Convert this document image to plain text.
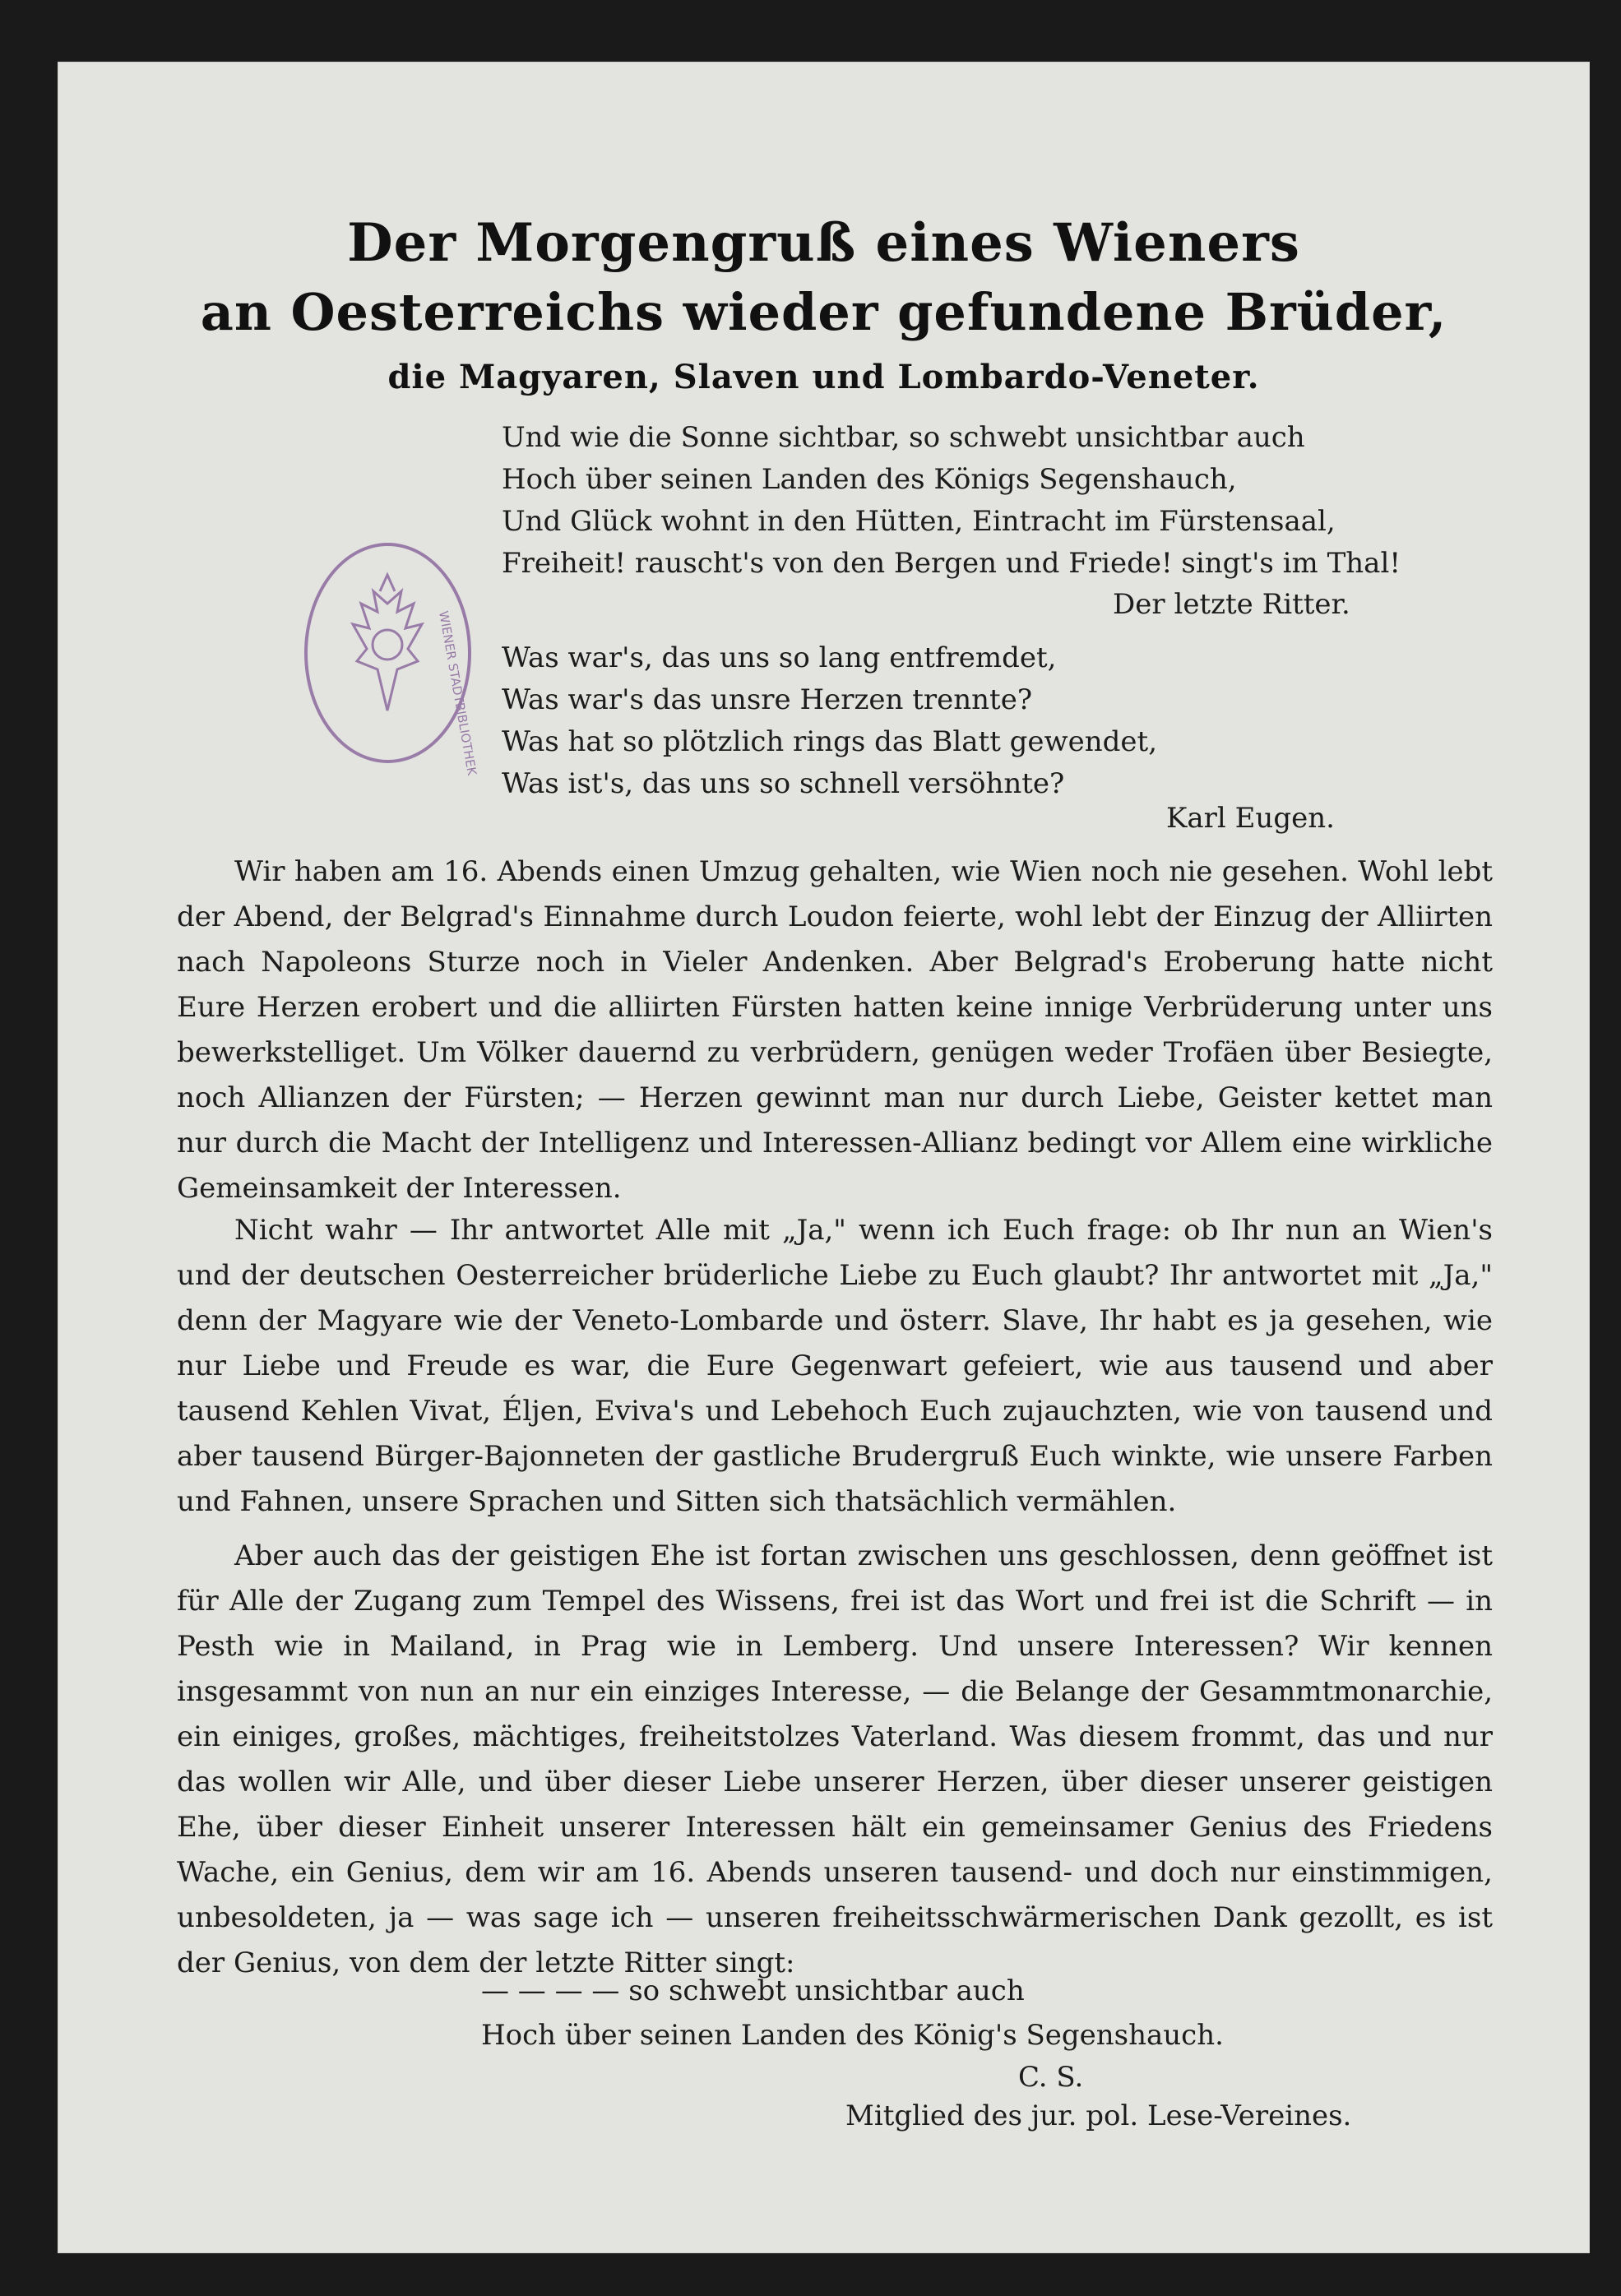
Der Morgengruß eines Wieners
an Oesterreichs wieder gefundene Brüder,
die Magyaren, Slaven und Lombardo-Veneter.
WIENER STADTBIBLIOTHEK
Und wie die Sonne sichtbar, so schwebt unsichtbar auch
Hoch über seinen Landen des Königs Segenshauch,
Und Glück wohnt in den Hütten, Eintracht im Fürstensaal,
Freiheit! rauscht's von den Bergen und Friede! singt's im Thal!
Der letzte Ritter.
Was war's, das uns so lang entfremdet,
Was war's das unsre Herzen trennte?
Was hat so plötzlich rings das Blatt gewendet,
Was ist's, das uns so schnell versöhnte?
Karl Eugen.

Wir haben am 16. Abends einen Umzug gehalten, wie Wien noch nie gesehen. Wohl lebt der Abend, der Belgrad's Einnahme durch Loudon feierte, wohl lebt der Einzug der Alliirten nach Napoleons Sturze noch in Vieler Andenken. Aber Belgrad's Eroberung hatte nicht Eure Herzen erobert und die alliirten Fürsten hatten keine innige Verbrüderung unter uns bewerkstelliget. Um Völker dauernd zu verbrüdern, genügen weder Trofäen über Besiegte, noch Allianzen der Fürsten; — Herzen gewinnt man nur durch Liebe, Geister kettet man nur durch die Macht der Intelligenz und Interessen-Allianz bedingt vor Allem eine wirkliche Gemeinsamkeit der Interessen.

Nicht wahr — Ihr antwortet Alle mit „Ja," wenn ich Euch frage: ob Ihr nun an Wien's und der deutschen Oesterreicher brüderliche Liebe zu Euch glaubt? Ihr antwortet mit „Ja," denn der Magyare wie der Veneto-Lombarde und österr. Slave, Ihr habt es ja gesehen, wie nur Liebe und Freude es war, die Eure Gegenwart gefeiert, wie aus tausend und aber tausend Kehlen Vivat, Éljen, Eviva's und Lebehoch Euch zujauchzten, wie von tausend und aber tausend Bürger-Bajonneten der gastliche Brudergruß Euch winkte, wie unsere Farben und Fahnen, unsere Sprachen und Sitten sich thatsächlich vermählen.

Aber auch das der geistigen Ehe ist fortan zwischen uns geschlossen, denn geöffnet ist für Alle der Zugang zum Tempel des Wissens, frei ist das Wort und frei ist die Schrift — in Pesth wie in Mailand, in Prag wie in Lemberg. Und unsere Interessen? Wir kennen insgesammt von nun an nur ein einziges Interesse, — die Belange der Gesammtmonarchie, ein einiges, großes, mächtiges, freiheitstolzes Vaterland. Was diesem frommt, das und nur das wollen wir Alle, und über dieser Liebe unserer Herzen, über dieser unserer geistigen Ehe, über dieser Einheit unserer Interessen hält ein gemeinsamer Genius des Friedens Wache, ein Genius, dem wir am 16. Abends unseren tausend- und doch nur einstimmigen, unbesoldeten, ja — was sage ich — unseren freiheitsschwärmerischen Dank gezollt, es ist der Genius, von dem der letzte Ritter singt:

— — — — so schwebt unsichtbar auch
Hoch über seinen Landen des König's Segenshauch.
C. S.
Mitglied des jur. pol. Lese-Vereines.
